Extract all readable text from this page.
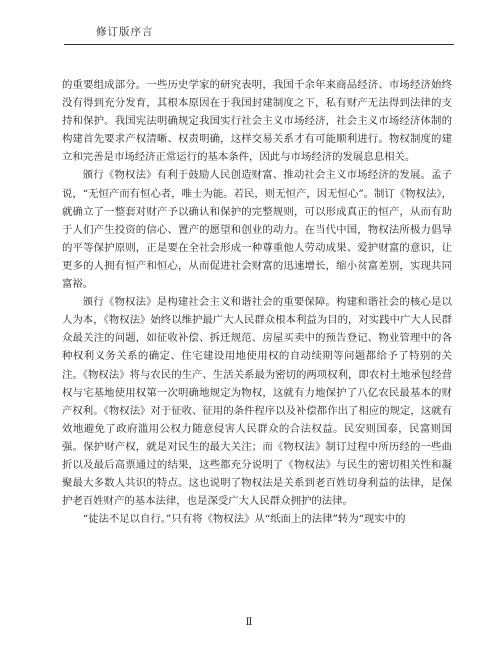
修订版序言

的重要组成部分。一些历史学家的研究表明，我国千余年来商品经济、市场经济始终没有得到充分发育，其根本原因在于我国封建制度之下，私有财产无法得到法律的支持和保护。我国宪法明确规定我国实行社会主义市场经济，社会主义市场经济体制的构建首先要求产权清晰、权责明确，这样交易关系才有可能顺利进行。物权制度的建立和完善是市场经济正常运行的基本条件，因此与市场经济的发展息息相关。

颁行《物权法》有利于鼓励人民创造财富、推动社会主义市场经济的发展。孟子说，“无恒产而有恒心者，唯士为能。若民，则无恒产，因无恒心”。制订《物权法》，就确立了一整套对财产予以确认和保护的完整规则，可以形成真正的恒产，从而有助于人们产生投资的信心、置产的愿望和创业的动力。在当代中国，物权法所极力倡导的平等保护原则，正是要在全社会形成一种尊重他人劳动成果、爱护财富的意识，让更多的人拥有恒产和恒心，从而促进社会财富的迅速增长，缩小贫富差别，实现共同富裕。

颁行《物权法》是构建社会主义和谐社会的重要保障。构建和谐社会的核心是以人为本，《物权法》始终以维护最广大人民群众根本利益为目的，对实践中广大人民群众最关注的问题，如征收补偿、拆迁规范、房屋买卖中的预告登记、物业管理中的各种权利义务关系的确定、住宅建设用地使用权的自动续期等问题都给予了特别的关注。《物权法》将与农民的生产、生活关系最为密切的两项权利，即农村土地承包经营权与宅基地使用权第一次明确地规定为物权，这就有力地保护了八亿农民最基本的财产权利。《物权法》对于征收、征用的条件程序以及补偿都作出了相应的规定，这就有效地避免了政府滥用公权力随意侵害人民群众的合法权益。民安则国泰，民富则国强。保护财产权，就是对民生的最大关注；而《物权法》制订过程中所历经的一些曲折以及最后高票通过的结果，这些都充分说明了《物权法》与民生的密切相关性和凝聚最大多数人共识的特点。这也说明了物权法是关系到老百姓切身利益的法律，是保护老百姓财产的基本法律，也是深受广大人民群众拥护的法律。

“徒法不足以自行。”只有将《物权法》从“纸面上的法律”转为“现实中的

Ⅱ
